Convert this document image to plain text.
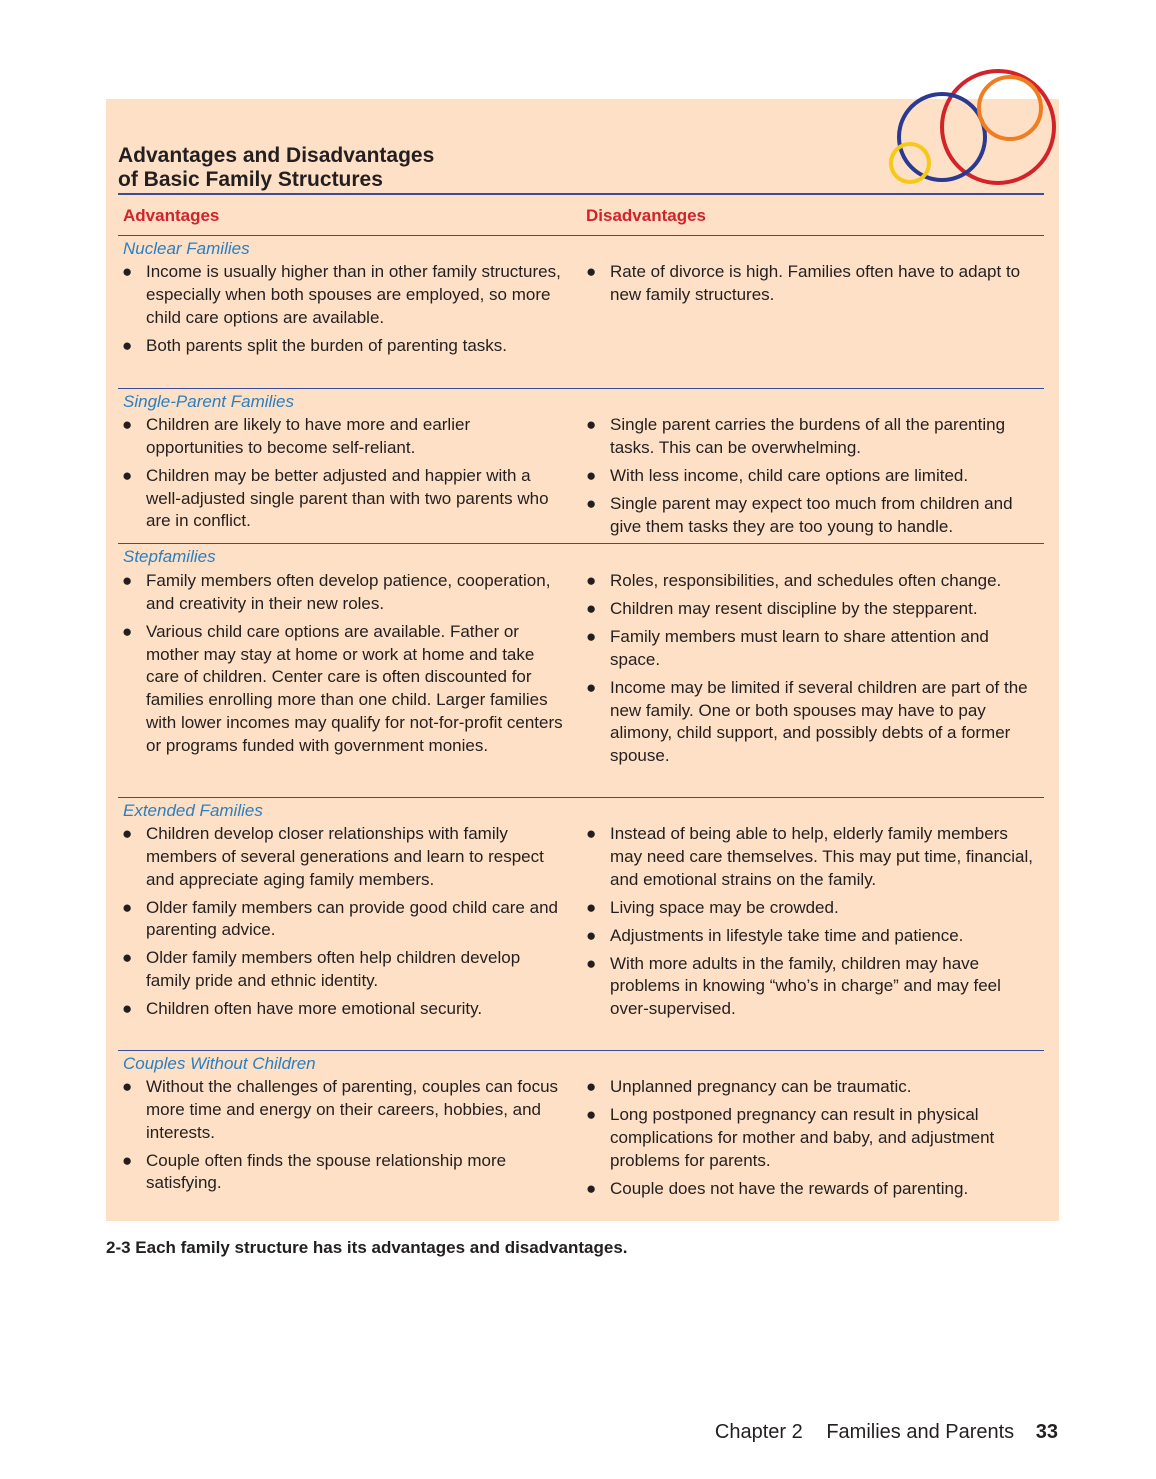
Advantages and Disadvantages
of Basic Family Structures
Advantages	Disadvantages
Nuclear Families
● Income is usually higher than in other family structures, especially when both spouses are employed, so more child care options are available.
● Both parents split the burden of parenting tasks.
● Rate of divorce is high. Families often have to adapt to new family structures.
Single-Parent Families
● Children are likely to have more and earlier opportunities to become self-reliant.
● Children may be better adjusted and happier with a well-adjusted single parent than with two parents who are in conflict.
● Single parent carries the burdens of all the parenting tasks. This can be overwhelming.
● With less income, child care options are limited.
● Single parent may expect too much from children and give them tasks they are too young to handle.
Stepfamilies
● Family members often develop patience, cooperation, and creativity in their new roles.
● Various child care options are available. Father or mother may stay at home or work at home and take care of children. Center care is often discounted for families enrolling more than one child. Larger families with lower incomes may qualify for not-for-profit centers or programs funded with government monies.
● Roles, responsibilities, and schedules often change.
● Children may resent discipline by the stepparent.
● Family members must learn to share attention and space.
● Income may be limited if several children are part of the new family. One or both spouses may have to pay alimony, child support, and possibly debts of a former spouse.
Extended Families
● Children develop closer relationships with family members of several generations and learn to respect and appreciate aging family members.
● Older family members can provide good child care and parenting advice.
● Older family members often help children develop family pride and ethnic identity.
● Children often have more emotional security.
● Instead of being able to help, elderly family members may need care themselves. This may put time, financial, and emotional strains on the family.
● Living space may be crowded.
● Adjustments in lifestyle take time and patience.
● With more adults in the family, children may have problems in knowing “who’s in charge” and may feel over-supervised.
Couples Without Children
● Without the challenges of parenting, couples can focus more time and energy on their careers, hobbies, and interests.
● Couple often finds the spouse relationship more satisfying.
● Unplanned pregnancy can be traumatic.
● Long postponed pregnancy can result in physical complications for mother and baby, and adjustment problems for parents.
● Couple does not have the rewards of parenting.
2-3 Each family structure has its advantages and disadvantages.
Chapter 2 Families and Parents 33
